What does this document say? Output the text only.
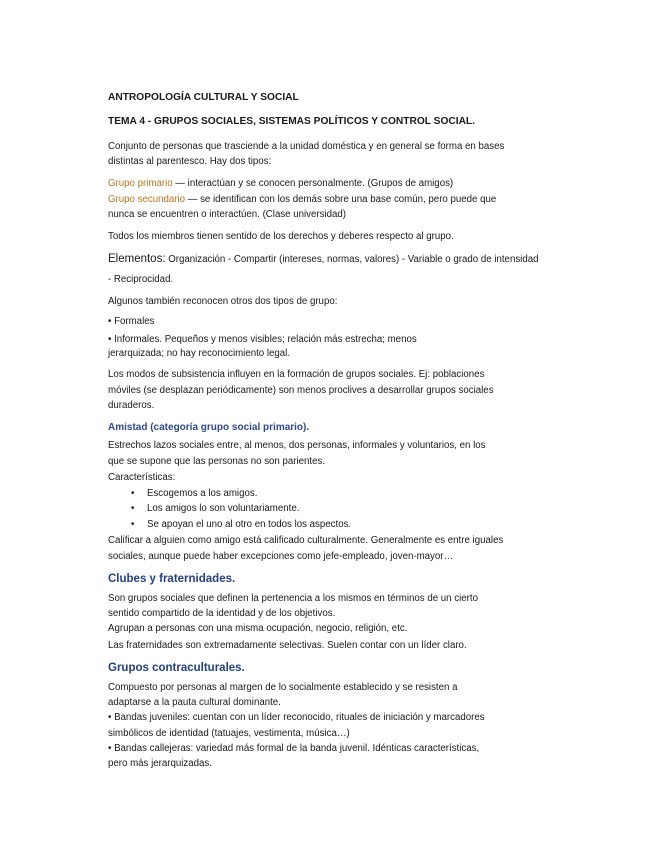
ANTROPOLOGÍA CULTURAL Y SOCIAL
TEMA 4 - GRUPOS SOCIALES, SISTEMAS POLÍTICOS Y CONTROL SOCIAL.
Conjunto de personas que trasciende a la unidad doméstica y en general se forma en bases
distintas al parentesco. Hay dos tipos:
Grupo primario — interactúan y se conocen personalmente. (Grupos de amigos)
Grupo secundario — se identifican con los demás sobre una base común, pero puede que
nunca se encuentren o interactúen. (Clase universidad)
Todos los miembros tienen sentido de los derechos y deberes respecto al grupo.
Elementos: Organización - Compartir (intereses, normas, valores) - Variable o grado de intensidad
- Reciprocidad.
Algunos también reconocen otros dos tipos de grupo:
• Formales
• Informales. Pequeños y menos visibles; relación más estrecha; menos
jerarquizada; no hay reconocimiento legal.
Los modos de subsistencia influyen en la formación de grupos sociales. Ej: poblaciones
móviles (se desplazan periódicamente) son menos proclives a desarrollar grupos sociales
duraderos.
Amistad (categoría grupo social primario).
Estrechos lazos sociales entre, al menos, dos personas, informales y voluntarios, en los
que se supone que las personas no son parientes.
Características:
• Escogemos a los amigos.
• Los amigos lo son voluntariamente.
• Se apoyan el uno al otro en todos los aspectos.
Calificar a alguien como amigo está calificado culturalmente. Generalmente es entre iguales
sociales, aunque puede haber excepciones como jefe-empleado, joven-mayor…
Clubes y fraternidades.
Son grupos sociales que definen la pertenencia a los mismos en términos de un cierto
sentido compartido de la identidad y de los objetivos.
Agrupan a personas con una misma ocupación, negocio, religión, etc.
Las fraternidades son extremadamente selectivas. Suelen contar con un líder claro.
Grupos contraculturales.
Compuesto por personas al margen de lo socialmente establecido y se resisten a
adaptarse a la pauta cultural dominante.
• Bandas juveniles: cuentan con un líder reconocido, rituales de iniciación y marcadores
simbólicos de identidad (tatuajes, vestimenta, música…)
• Bandas callejeras: variedad más formal de la banda juvenil. Idénticas características,
pero más jerarquizadas.
